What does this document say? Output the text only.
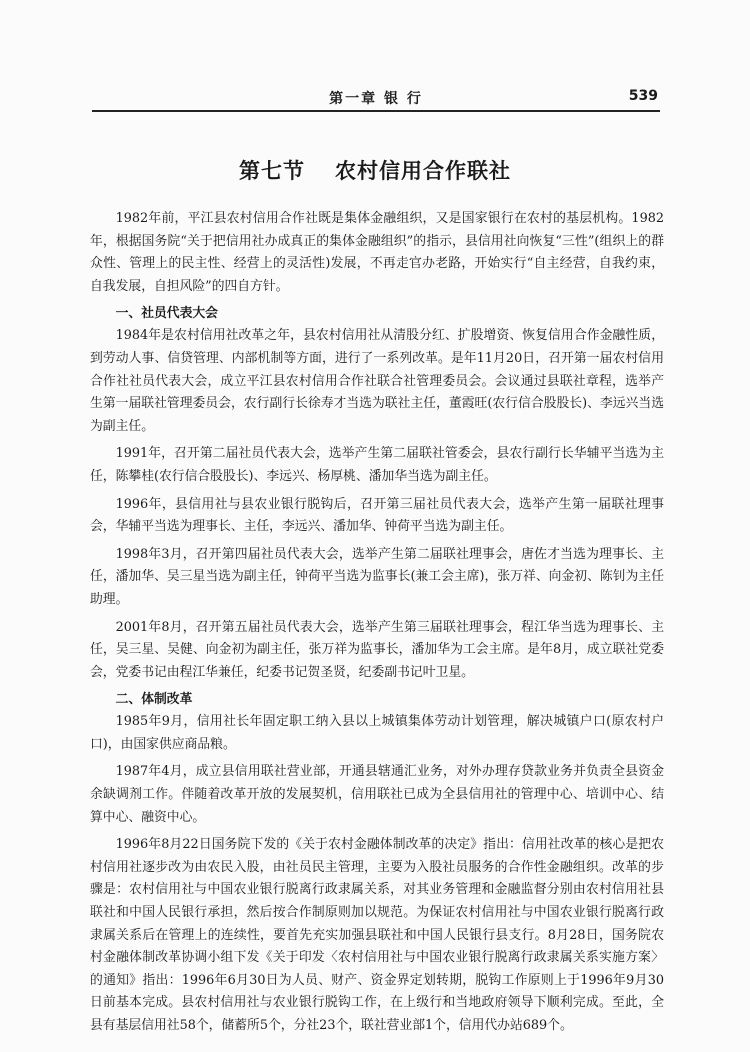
第一章 银 行	539
第七节 农村信用合作联社

1982年前，平江县农村信用合作社既是集体金融组织，又是国家银行在农村的基层机构。1982年，根据国务院“关于把信用社办成真正的集体金融组织”的指示，县信用社向恢复“三性”(组织上的群众性、管理上的民主性、经营上的灵活性)发展，不再走官办老路，开始实行“自主经营，自我约束，自我发展，自担风险”的四自方针。

一、社员代表大会

1984年是农村信用社改革之年，县农村信用社从清股分红、扩股增资、恢复信用合作金融性质，到劳动人事、信贷管理、内部机制等方面，进行了一系列改革。是年11月20日，召开第一届农村信用合作社社员代表大会，成立平江县农村信用合作社联合社管理委员会。会议通过县联社章程，选举产生第一届联社管理委员会，农行副行长徐寿才当选为联社主任，董霞旺(农行信合股股长)、李远兴当选为副主任。

1991年，召开第二届社员代表大会，选举产生第二届联社管委会，县农行副行长华辅平当选为主任，陈攀桂(农行信合股股长)、李远兴、杨厚桃、潘加华当选为副主任。

1996年，县信用社与县农业银行脱钩后，召开第三届社员代表大会，选举产生第一届联社理事会，华辅平当选为理事长、主任，李远兴、潘加华、钟荷平当选为副主任。

1998年3月，召开第四届社员代表大会，选举产生第二届联社理事会，唐佐才当选为理事长、主任，潘加华、吴三星当选为副主任，钟荷平当选为监事长(兼工会主席)，张万祥、向金初、陈钊为主任助理。

2001年8月，召开第五届社员代表大会，选举产生第三届联社理事会，程江华当选为理事长、主任，吴三星、吴健、向金初为副主任，张万祥为监事长，潘加华为工会主席。是年8月，成立联社党委会，党委书记由程江华兼任，纪委书记贺圣贤，纪委副书记叶卫星。

二、体制改革

1985年9月，信用社长年固定职工纳入县以上城镇集体劳动计划管理，解决城镇户口(原农村户口)，由国家供应商品粮。

1987年4月，成立县信用联社营业部，开通县辖通汇业务，对外办理存贷款业务并负责全县资金余缺调剂工作。伴随着改革开放的发展契机，信用联社已成为全县信用社的管理中心、培训中心、结算中心、融资中心。

1996年8月22日国务院下发的《关于农村金融体制改革的决定》指出：信用社改革的核心是把农村信用社逐步改为由农民入股，由社员民主管理，主要为入股社员服务的合作性金融组织。改革的步骤是：农村信用社与中国农业银行脱离行政隶属关系，对其业务管理和金融监督分别由农村信用社县联社和中国人民银行承担，然后按合作制原则加以规范。为保证农村信用社与中国农业银行脱离行政隶属关系后在管理上的连续性，要首先充实加强县联社和中国人民银行县支行。8月28日，国务院农村金融体制改革协调小组下发《关于印发〈农村信用社与中国农业银行脱离行政隶属关系实施方案〉的通知》指出：1996年6月30日为人员、财产、资金界定划转期，脱钩工作原则上于1996年9月30日前基本完成。县农村信用社与农业银行脱钩工作，在上级行和当地政府领导下顺利完成。至此，全县有基层信用社58个，储蓄所5个，分社23个，联社营业部1个，信用代办站689个。
